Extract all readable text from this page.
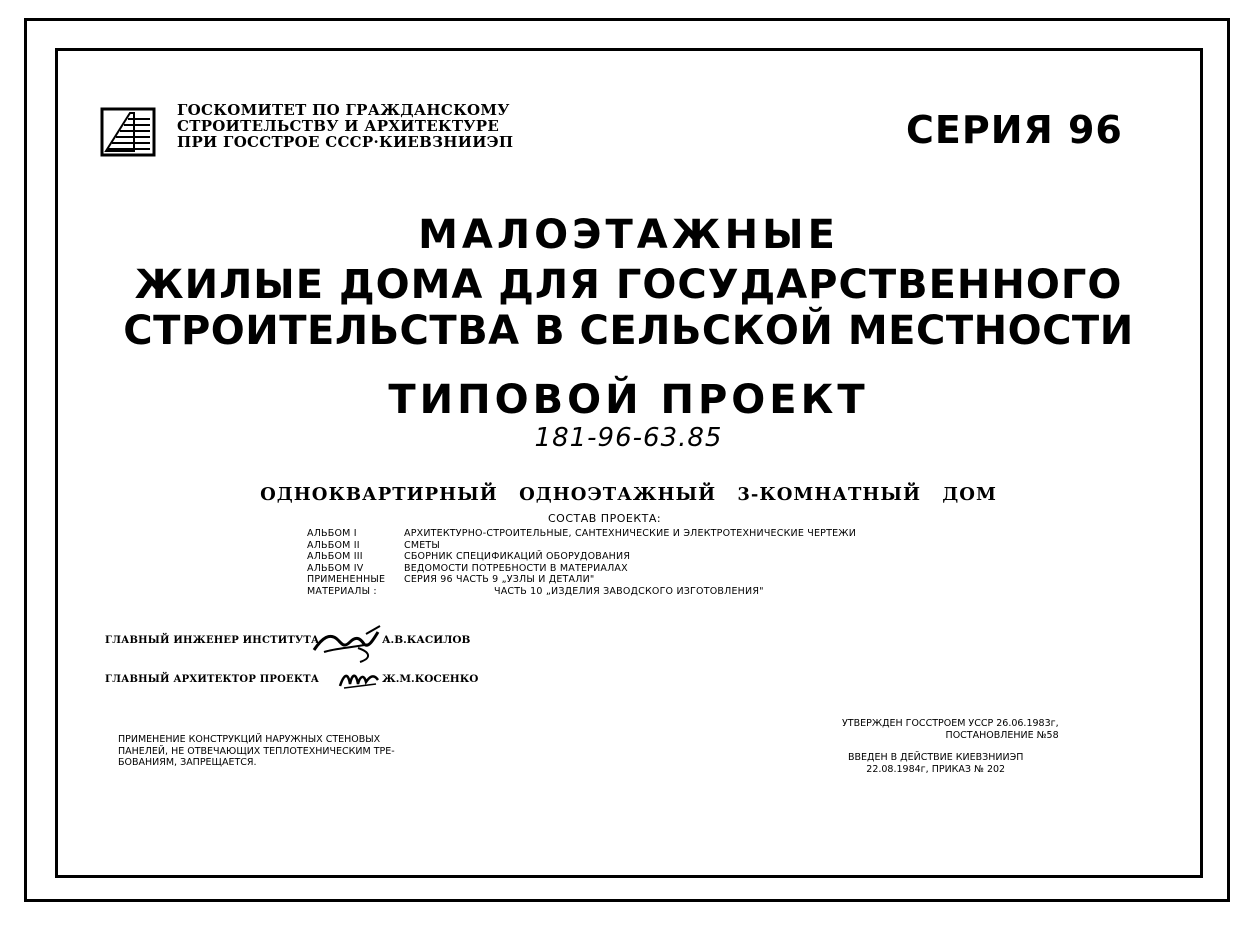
ГОСКОМИТЕТ ПО ГРАЖДАНСКОМУ
СТРОИТЕЛЬСТВУ И АРХИТЕКТУРЕ
ПРИ ГОССТРОЕ СССР·КИЕВЗНИИЭП	СЕРИЯ 96
МАЛОЭТАЖНЫЕ
ЖИЛЫЕ ДОМА ДЛЯ ГОСУДАРСТВЕННОГО
СТРОИТЕЛЬСТВА В СЕЛЬСКОЙ МЕСТНОСТИ
ТИПОВОЙ ПРОЕКТ
181-96-63.85
ОДНОКВАРТИРНЫЙ ОДНОЭТАЖНЫЙ 3-КОМНАТНЫЙ ДОМ
СОСТАВ ПРОЕКТА:
АЛЬБОМ I	АРХИТЕКТУРНО-СТРОИТЕЛЬНЫЕ, САНТЕХНИЧЕСКИЕ И ЭЛЕКТРОТЕХНИЧЕСКИЕ ЧЕРТЕЖИ
АЛЬБОМ II	СМЕТЫ
АЛЬБОМ III	СБОРНИК СПЕЦИФИКАЦИЙ ОБОРУДОВАНИЯ
АЛЬБОМ IV	ВЕДОМОСТИ ПОТРЕБНОСТИ В МАТЕРИАЛАХ
ПРИМЕНЕННЫЕ	СЕРИЯ 96 ЧАСТЬ 9 „УЗЛЫ И ДЕТАЛИ"
МАТЕРИАЛЫ :	ЧАСТЬ 10 „ИЗДЕЛИЯ ЗАВОДСКОГО ИЗГОТОВЛЕНИЯ"
ГЛАВНЫЙ ИНЖЕНЕР ИНСТИТУТА	А.В.КАСИЛОВ
ГЛАВНЫЙ АРХИТЕКТОР ПРОЕКТА	Ж.М.КОСЕНКО
ПРИМЕНЕНИЕ КОНСТРУКЦИЙ НАРУЖНЫХ СТЕНОВЫХ
ПАНЕЛЕЙ, НЕ ОТВЕЧАЮЩИХ ТЕПЛОТЕХНИЧЕСКИМ ТРЕ-
БОВАНИЯМ, ЗАПРЕЩАЕТСЯ.
УТВЕРЖДЕН ГОССТРОЕМ УССР 26.06.1983г,
ПОСТАНОВЛЕНИЕ №58
ВВЕДЕН В ДЕЙСТВИЕ КИЕВЗНИИЭП
22.08.1984г, ПРИКАЗ № 202
